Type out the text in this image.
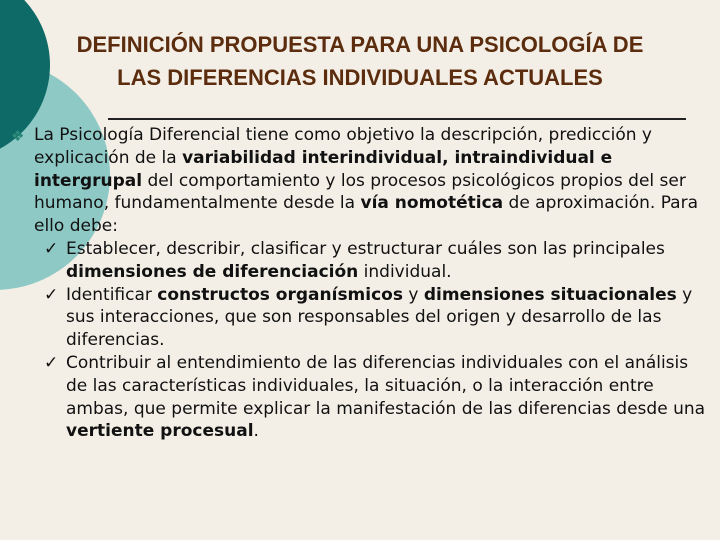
DEFINICIÓN PROPUESTA PARA UNA PSICOLOGÍA DE
LAS DIFERENCIAS INDIVIDUALES ACTUALES
❖ La Psicología Diferencial tiene como objetivo la descripción, predicción y explicación de la variabilidad interindividual, intraindividual e intergrupal del comportamiento y los procesos psicológicos propios del ser humano, fundamentalmente desde la vía nomotética de aproximación. Para ello debe:
✓ Establecer, describir, clasificar y estructurar cuáles son las principales dimensiones de diferenciación individual.
✓ Identificar constructos organísmicos y dimensiones situacionales y sus interacciones, que son responsables del origen y desarrollo de las diferencias.
✓ Contribuir al entendimiento de las diferencias individuales con el análisis de las características individuales, la situación, o la interacción entre ambas, que permite explicar la manifestación de las diferencias desde una vertiente procesual.
